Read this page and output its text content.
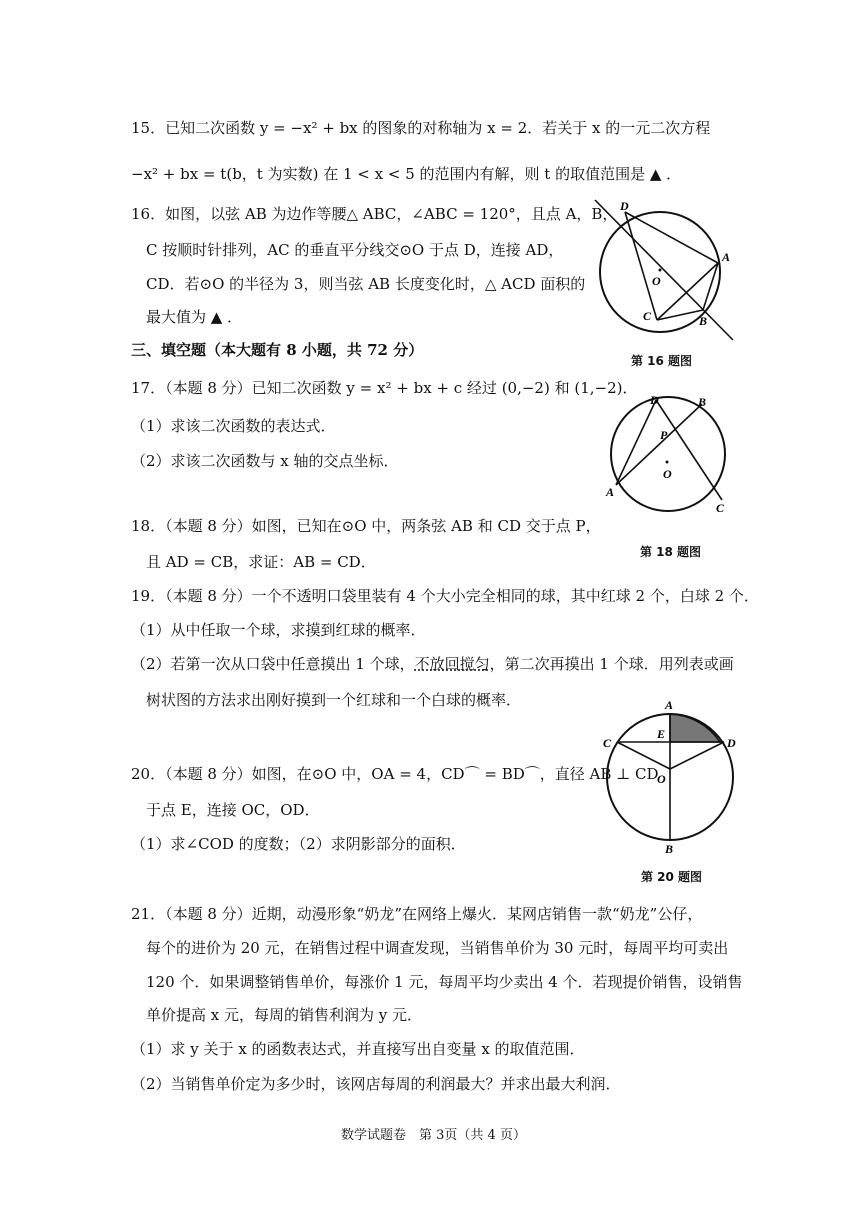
15．已知二次函数 y = −x² + bx 的图象的对称轴为 x = 2．若关于 x 的一元二次方程
−x² + bx = t(b，t 为实数) 在 1 < x < 5 的范围内有解，则 t 的取值范围是 ▲ ．
16．如图，以弦 AB 为边作等腰△ ABC，∠ABC = 120°，且点 A，B，
C 按顺时针排列，AC 的垂直平分线交⊙O 于点 D，连接 AD，
CD．若⊙O 的半径为 3，则当弦 AB 长度变化时，△ ACD 面积的
最大值为 ▲ ．
D
A
O
C	B
第 16 题图
三、填空题（本大题有 8 小题，共 72 分）
17．（本题 8 分）已知二次函数 y = x² + bx + c 经过 (0,−2) 和 (1,−2)．
（1）求该二次函数的表达式．
（2）求该二次函数与 x 轴的交点坐标．
D	B
P
O
A
C
第 18 题图
18．（本题 8 分）如图，已知在⊙O 中，两条弦 AB 和 CD 交于点 P，
且 AD = CB，求证：AB = CD．
19．（本题 8 分）一个不透明口袋里装有 4 个大小完全相同的球，其中红球 2 个，白球 2 个．
（1）从中任取一个球，求摸到红球的概率．
（2）若第一次从口袋中任意摸出 1 个球，不放回搅匀，第二次再摸出 1 个球．用列表或画
树状图的方法求出刚好摸到一个红球和一个白球的概率．	A
E
C	D
O
B
第 20 题图
20．（本题 8 分）如图，在⊙O 中，OA = 4，CD⌒ = BD⌒，直径 AB ⊥ CD
于点 E，连接 OC，OD．
（1）求∠COD 的度数；（2）求阴影部分的面积．
21．（本题 8 分）近期，动漫形象“奶龙”在网络上爆火．某网店销售一款“奶龙”公仔，
每个的进价为 20 元，在销售过程中调查发现，当销售单价为 30 元时，每周平均可卖出
120 个．如果调整销售单价，每涨价 1 元，每周平均少卖出 4 个．若现提价销售，设销售
单价提高 x 元，每周的销售利润为 y 元．
（1）求 y 关于 x 的函数表达式，并直接写出自变量 x 的取值范围．
（2）当销售单价定为多少时，该网店每周的利润最大？并求出最大利润．
数学试题卷　第 3页（共 4 页）
